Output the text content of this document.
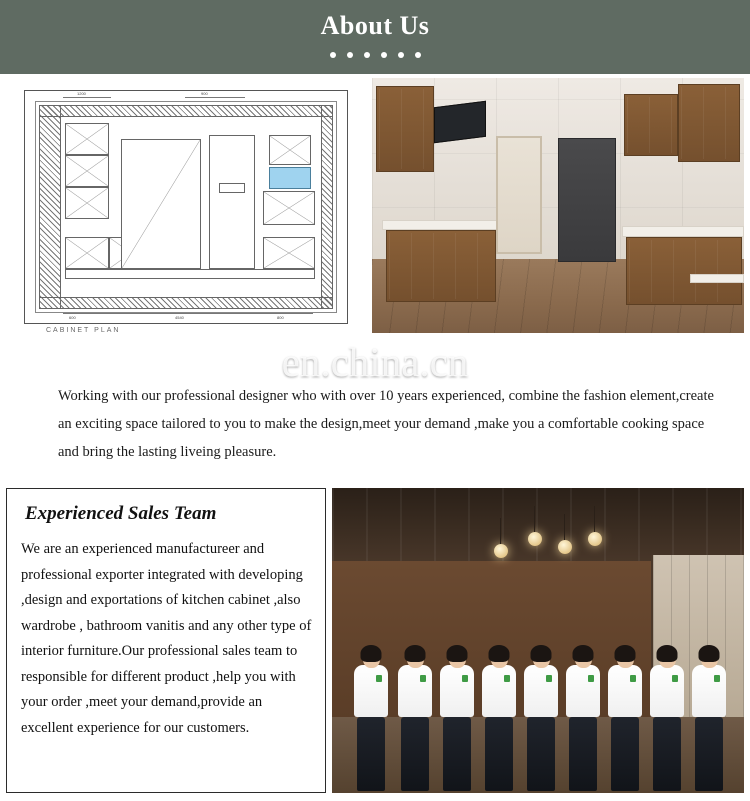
About Us
1200	900
4540
600	800
CABINET PLAN
en.china.cn

Working with our professional designer who with over 10 years experienced, combine the fashion element,create an exciting space tailored to you to make the design,meet your demand ,make you a comfortable cooking space and bring the lasting liveing pleasure.

Experienced Sales Team

We are an experienced manufactureer and professional exporter integrated with developing ,design and exportations of kitchen cabinet ,also wardrobe , bathroom vanitis and any other type of interior furniture.Our professional sales team to responsible for different product ,help you with your order ,meet your demand,provide an excellent experience for our customers.
